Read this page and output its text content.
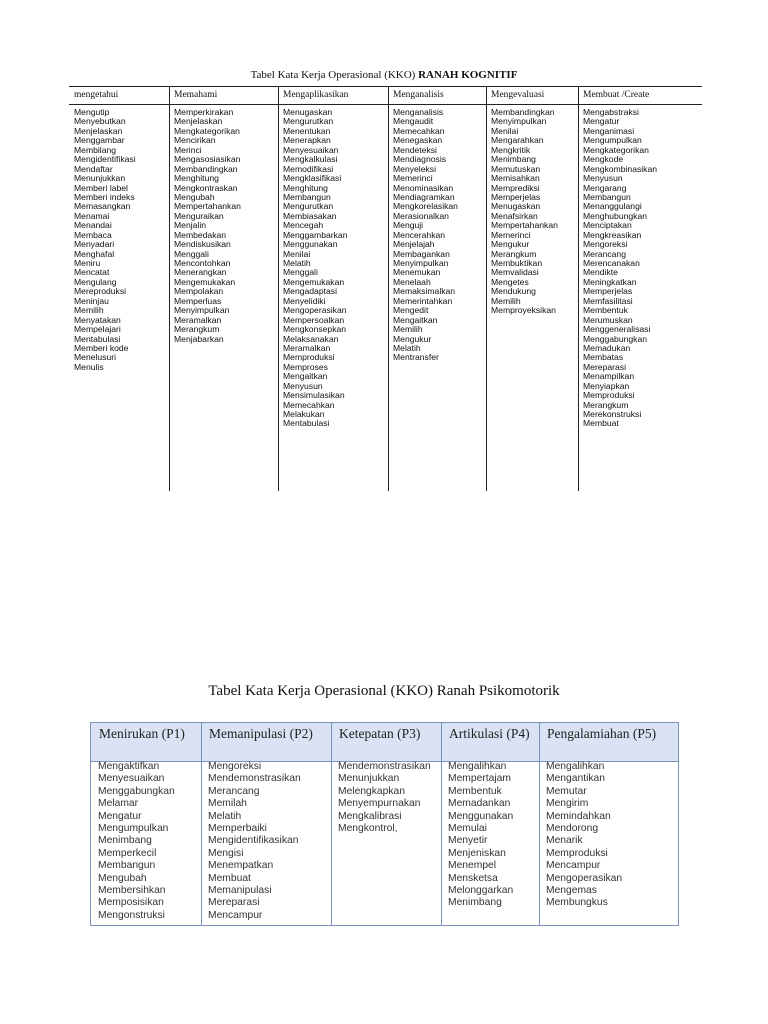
Tabel Kata Kerja Operasional (KKO) RANAH KOGNITIF
mengetahui
Mengutip
Menyebutkan
Menjelaskan
Menggambar
Membilang
Mengidentifikasi
Mendaftar
Menunjukkan
Memberi label
Memberi indeks
Memasangkan
Menamai
Menandai
Membaca
Menyadari
Menghafal
Meniru
Mencatat
Mengulang
Mereproduksi
Meninjau
Memilih
Menyatakan
Mempelajari
Mentabulasi
Memberi kode
Menelusuri
Menulis
Memahami
Memperkirakan
Menjelaskan
Mengkategorikan
Mencirikan
Merinci
Mengasosiasikan
Membandingkan
Menghitung
Mengkontraskan
Mengubah
Mempertahankan
Menguraikan
Menjalin
Membedakan
Mendiskusikan
Menggali
Mencontohkan
Menerangkan
Mengemukakan
Mempolakan
Memperluas
Menyimpulkan
Meramalkan
Merangkum
Menjabarkan
Mengaplikasikan
Menugaskan
Mengurutkan
Menentukan
Menerapkan
Menyesuaikan
Mengkalkulasi
Memodifikasi
Mengklasifikasi
Menghitung
Membangun
Mengurutkan
Membiasakan
Mencegah
Menggambarkan
Menggunakan
Menilai
Melatih
Menggali
Mengemukakan
Mengadaptasi
Menyelidiki
Mengoperasikan
Mempersoalkan
Mengkonsepkan
Melaksanakan
Meramalkan
Memproduksi
Memproses
Mengaitkan
Menyusun
Mensimulasikan
Memecahkan
Melakukan
Mentabulasi
Menganalisis
Menganalisis
Mengaudit
Memecahkan
Menegaskan
Mendeteksi
Mendiagnosis
Menyeleksi
Memerinci
Menominasikan
Mendiagramkan
Mengkorelasikan
Merasionalkan
Menguji
Mencerahkan
Menjelajah
Membagankan
Menyimpulkan
Menemukan
Menelaah
Memaksimalkan
Memerintahkan
Mengedit
Mengaitkan
Memilih
Mengukur
Melatih
Mentransfer
Mengevaluasi
Membandingkan
Menyimpulkan
Menilai
Mengarahkan
Mengkritik
Menimbang
Memutuskan
Memisahkan
Memprediksi
Memperjelas
Menugaskan
Menafsirkan
Mempertahankan
Memerinci
Mengukur
Merangkum
Membuktikan
Memvalidasi
Mengetes
Mendukung
Memilih
Memproyeksikan
Membuat /Create
Mengabstraksi
Mengatur
Menganimasi
Mengumpulkan
Mengkategorikan
Mengkode
Mengkombinasikan
Menyusun
Mengarang
Membangun
Menanggulangi
Menghubungkan
Menciptakan
Mengkreasikan
Mengoreksi
Merancang
Merencanakan
Mendikte
Meningkatkan
Memperjelas
Memfasilitasi
Membentuk
Merumuskan
Menggeneralisasi
Menggabungkan
Memadukan
Membatas
Mereparasi
Menampilkan
Menyiapkan
Memproduksi
Merangkum
Merekonstruksi
Membuat
Tabel Kata Kerja Operasional (KKO) Ranah Psikomotorik
Menirukan (P1)
Mengaktifkan
Menyesuaikan
Menggabungkan
Melamar
Mengatur
Mengumpulkan
Menimbang
Memperkecil
Membangun
Mengubah
Membersihkan
Memposisikan
Mengonstruksi
Memanipulasi (P2)
Mengoreksi
Mendemonstrasikan
Merancang
Memilah
Melatih
Memperbaiki
Mengidentifikasikan
Mengisi
Menempatkan
Membuat
Memanipulasi
Mereparasi
Mencampur
Ketepatan (P3)
Mendemonstrasikan
Menunjukkan
Melengkapkan
Menyempurnakan
Mengkalibrasi
Mengkontrol,
Artikulasi (P4)
Mengalihkan
Mempertajam
Membentuk
Memadankan
Menggunakan
Memulai
Menyetir
Menjeniskan
Menempel
Mensketsa
Melonggarkan
Menimbang
Pengalamiahan (P5)
Mengalihkan
Mengantikan
Memutar
Mengirim
Memindahkan
Mendorong
Menarik
Memproduksi
Mencampur
Mengoperasikan
Mengemas
Membungkus
